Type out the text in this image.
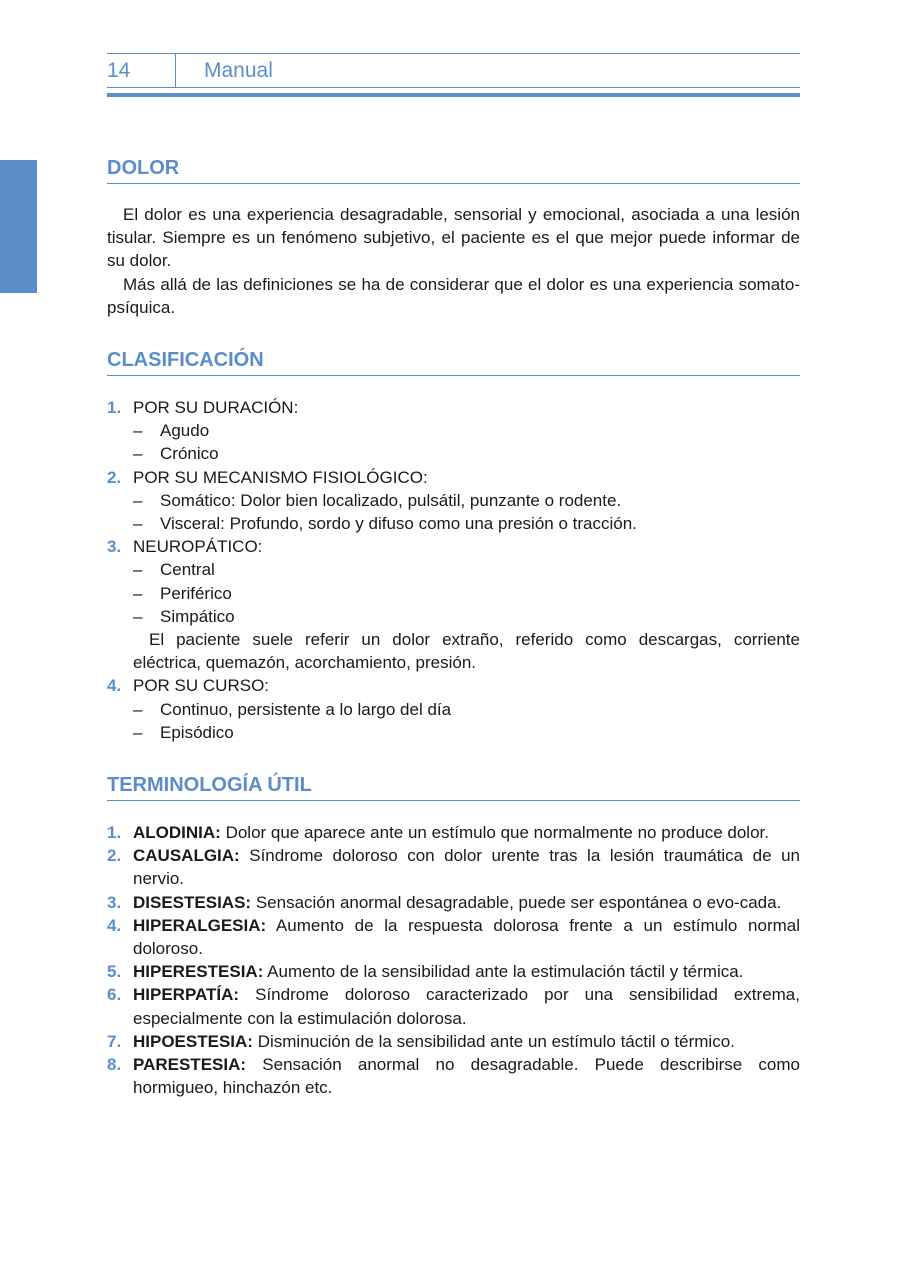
14	Manual
DOLOR

El dolor es una experiencia desagradable, sensorial y emocional, asociada a una lesión tisular. Siempre es un fenómeno subjetivo, el paciente es el que mejor puede informar de su dolor.

Más allá de las definiciones se ha de considerar que el dolor es una experiencia somato-psíquica.

CLASIFICACIÓN
1. POR SU DURACIÓN:
– Agudo
– Crónico
2. POR SU MECANISMO FISIOLÓGICO:
– Somático: Dolor bien localizado, pulsátil, punzante o rodente.
– Visceral: Profundo, sordo y difuso como una presión o tracción.
3. NEUROPÁTICO:
– Central
– Periférico
– Simpático
El paciente suele referir un dolor extraño, referido como descargas, corriente eléctrica, quemazón, acorchamiento, presión.
4. POR SU CURSO:
– Continuo, persistente a lo largo del día
– Episódico
TERMINOLOGÍA ÚTIL
1. ALODINIA: Dolor que aparece ante un estímulo que normalmente no produce dolor.
2. CAUSALGIA: Síndrome doloroso con dolor urente tras la lesión traumática de un nervio.
3. DISESTESIAS: Sensación anormal desagradable, puede ser espontánea o evo-cada.
4. HIPERALGESIA: Aumento de la respuesta dolorosa frente a un estímulo normal doloroso.
5. HIPERESTESIA: Aumento de la sensibilidad ante la estimulación táctil y térmica.
6. HIPERPATÍA: Síndrome doloroso caracterizado por una sensibilidad extrema, especialmente con la estimulación dolorosa.
7. HIPOESTESIA: Disminución de la sensibilidad ante un estímulo táctil o térmico.
8. PARESTESIA: Sensación anormal no desagradable. Puede describirse como hormigueo, hinchazón etc.
